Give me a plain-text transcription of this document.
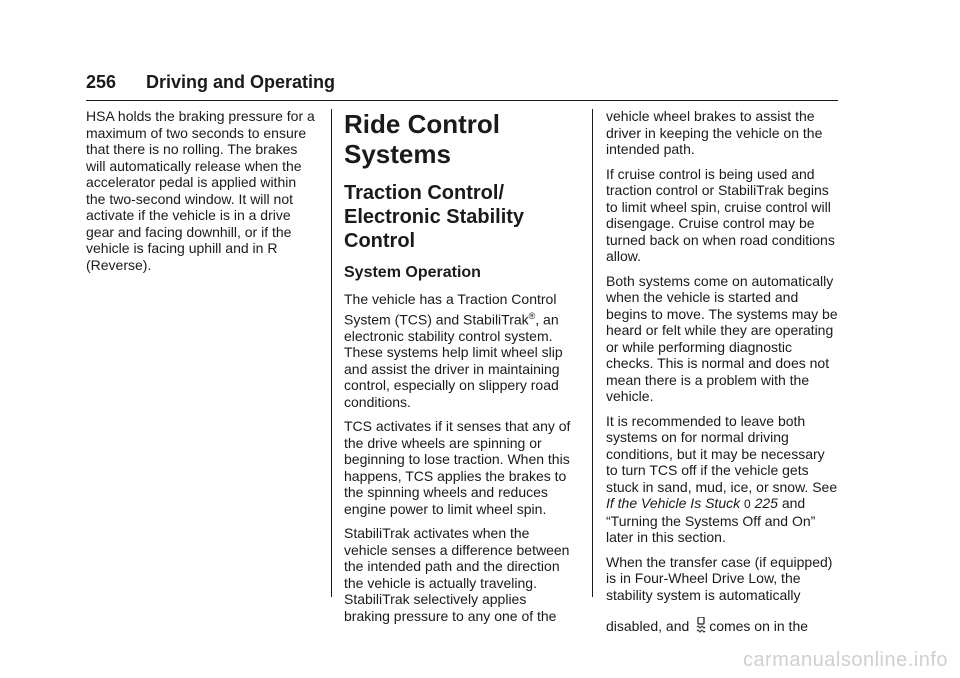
256 Driving and Operating

HSA holds the braking pressure for a maximum of two seconds to ensure that there is no rolling. The brakes will automatically release when the accelerator pedal is applied within the two-second window. It will not activate if the vehicle is in a drive gear and facing downhill, or if the vehicle is facing uphill and in R (Reverse).

Ride Control Systems
Traction Control/ Electronic Stability Control
System Operation

The vehicle has a Traction Control System (TCS) and StabiliTrak®, an electronic stability control system. These systems help limit wheel slip and assist the driver in maintaining control, especially on slippery road conditions.

TCS activates if it senses that any of the drive wheels are spinning or beginning to lose traction. When this happens, TCS applies the brakes to the spinning wheels and reduces engine power to limit wheel spin.

StabiliTrak activates when the vehicle senses a difference between the intended path and the direction the vehicle is actually traveling. StabiliTrak selectively applies braking pressure to any one of the

vehicle wheel brakes to assist the driver in keeping the vehicle on the intended path.

If cruise control is being used and traction control or StabiliTrak begins to limit wheel spin, cruise control will disengage. Cruise control may be turned back on when road conditions allow.

Both systems come on automatically when the vehicle is started and begins to move. The systems may be heard or felt while they are operating or while performing diagnostic checks. This is normal and does not mean there is a problem with the vehicle.

It is recommended to leave both systems on for normal driving conditions, but it may be necessary to turn TCS off if the vehicle gets stuck in sand, mud, ice, or snow. See If the Vehicle Is Stuck 0 225 and “Turning the Systems Off and On” later in this section.

When the transfer case (if equipped) is in Four-Wheel Drive Low, the stability system is automatically

disabled, and comes on in the

carmanualsonline.info
